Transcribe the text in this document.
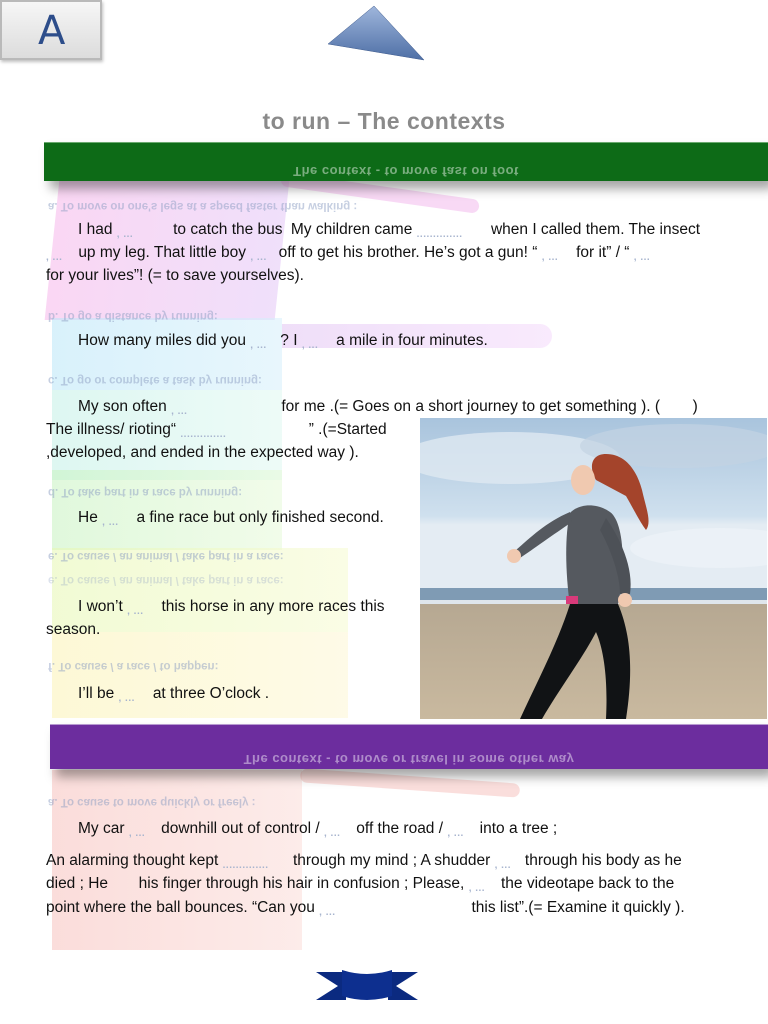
A
to run – The contexts
The context - to move fast on foot
a. To move on one's legs at a speed faster than walking :
b. To go a distance by running:
c. To go or complete a task by running:
d. To take part in a race by running:
e. To cause / an animal / take part in a race:
e. To cause / an animal / take part in a race:
f. To cause / a race / to happen:
a. To cause to move quickly or freely :
I had , ...	to catch the bus My children came .............. when I called them. The insect
, ... up my leg. That little boy , ... off to get his brother. He’s got a gun! “ , ... for it” / “ , ...
for your lives”! (= to save yourselves).
How many miles did you , ... ? I , ... a mile in four minutes.
My son often , ...	for me .(= Goes on a short journey to get something ). ( )
The illness/ rioting“ ..............	” .(=Started
,developed, and ended in the expected way ).
He , ... a fine race but only finished second.
I won’t , ... this horse in any more races this
season.
I’ll be , ... at three O’clock .
The context - to move or travel in some other way
My car , ... downhill out of control / , ... off the road / , ... into a tree ;
An alarming thought kept .............. through my mind ; A shudder , ... through his body as he
died ; He his finger through his hair in confusion ; Please, , ... the videotape back to the
point where the ball bounces. “Can you , ...	this list”.(= Examine it quickly ).
